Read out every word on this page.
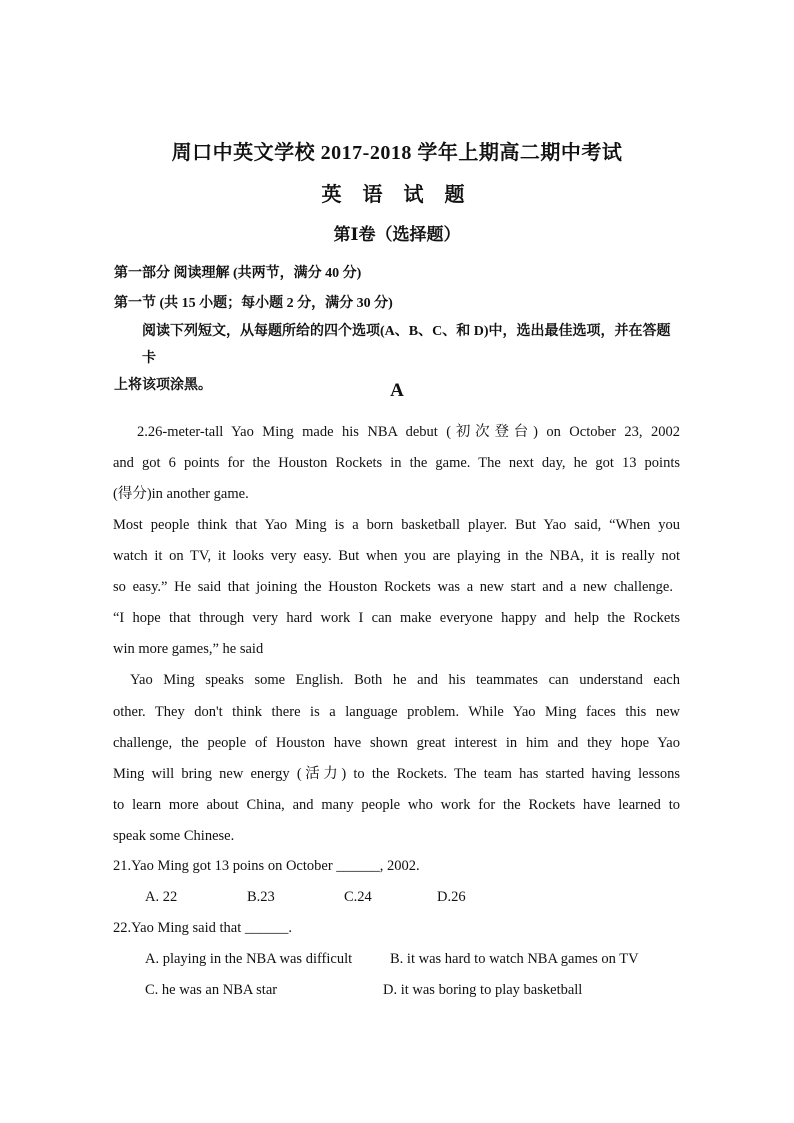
周口中英文学校 2017-2018 学年上期高二期中考试
英 语 试 题
第Ⅰ卷（选择题）
第一部分 阅读理解 (共两节，满分 40 分)
第一节 (共 15 小题；每小题 2 分，满分 30 分)
阅读下列短文，从每题所给的四个选项(A、B、C、和 D)中，选出最佳选项，并在答题卡
上将该项涂黑。	A
2.26-meter-tall Yao Ming made his NBA debut (初次登台) on October 23, 2002
and got 6 points for the Houston Rockets in the game. The next day, he got 13 points
(得分)in another game.
Most people think that Yao Ming is a born basketball player. But Yao said, “When you
watch it on TV, it looks very easy. But when you are playing in the NBA, it is really not
so easy.” He said that joining the Houston Rockets was a new start and a new challenge.
“I hope that through very hard work I can make everyone happy and help the Rockets
win more games,” he said
Yao Ming speaks some English. Both he and his teammates can understand each
other. They don't think there is a language problem. While Yao Ming faces this new
challenge, the people of Houston have shown great interest in him and they hope Yao
Ming will bring new energy (活力) to the Rockets. The team has started having lessons
to learn more about China, and many people who work for the Rockets have learned to
speak some Chinese.
21.Yao Ming got 13 poins on October ______, 2002.
A. 22	B.23	C.24	D.26
22.Yao Ming said that ______.
A. playing in the NBA was difficult	B. it was hard to watch NBA games on TV
C. he was an NBA star	D. it was boring to play basketball
